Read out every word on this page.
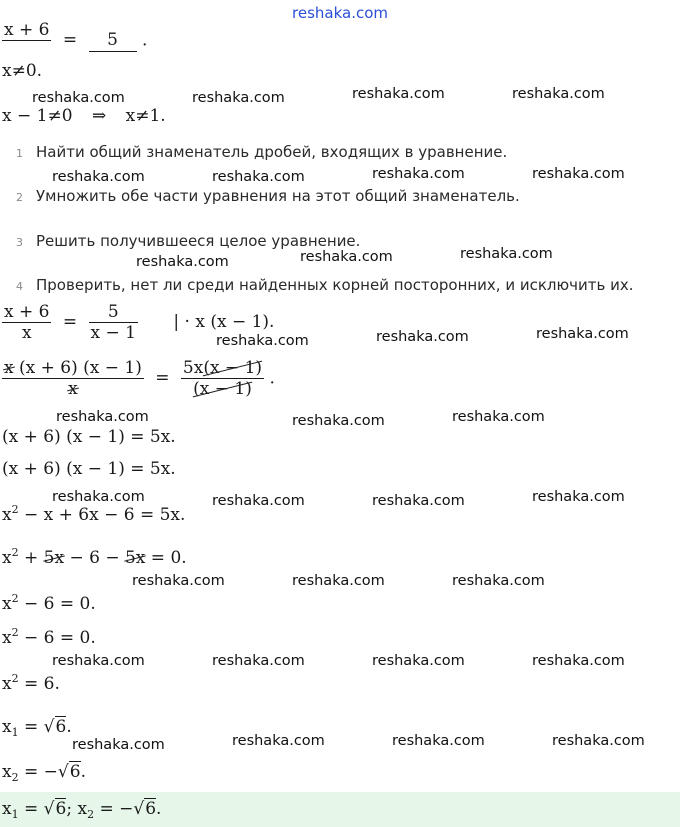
reshaka.com
x + 6

=	5	.
x≠0.
x − 1≠0 ⇒ x≠1.
1 Найти общий знаменатель дробей, входящих в уравнение.
2 Умножить обе части уравнения на этот общий знаменатель.
3 Решить получившееся целое уравнение.
4 Проверить, нет ли среди найденных корней посторонних, и исключить их.
$\frac{x + 6}{x} = \frac{5}{x - 1}$ | · x (x − 1).
$\frac{x (x + 6) (x - 1)}{x} = \frac{5x(x - 1)}{(x - 1)}$ .
(x + 6) (x − 1) = 5x.
(x + 6) (x − 1) = 5x.
$x^2 - x + 6x - 6 = 5x$.
$x^2 + 5x - 6 - 5x = 0$.
$x^2 - 6 = 0$.
$x^2 - 6 = 0$.
$x^2 = 6$.
$x_1 = √6$.
$x_2 = -√6$.
$x_1 = √6$; $x_2 = -√6$.
reshaka.com	reshaka.com	reshaka.com	reshaka.com
reshaka.com	reshaka.com	reshaka.com	reshaka.com
reshaka.com	reshaka.com	reshaka.com
reshaka.com	reshaka.com	reshaka.com
reshaka.com	reshaka.com	reshaka.com
reshaka.com	reshaka.com	reshaka.com	reshaka.com
reshaka.com	reshaka.com	reshaka.com
reshaka.com	reshaka.com	reshaka.com	reshaka.com
reshaka.com	reshaka.com	reshaka.com	reshaka.com
